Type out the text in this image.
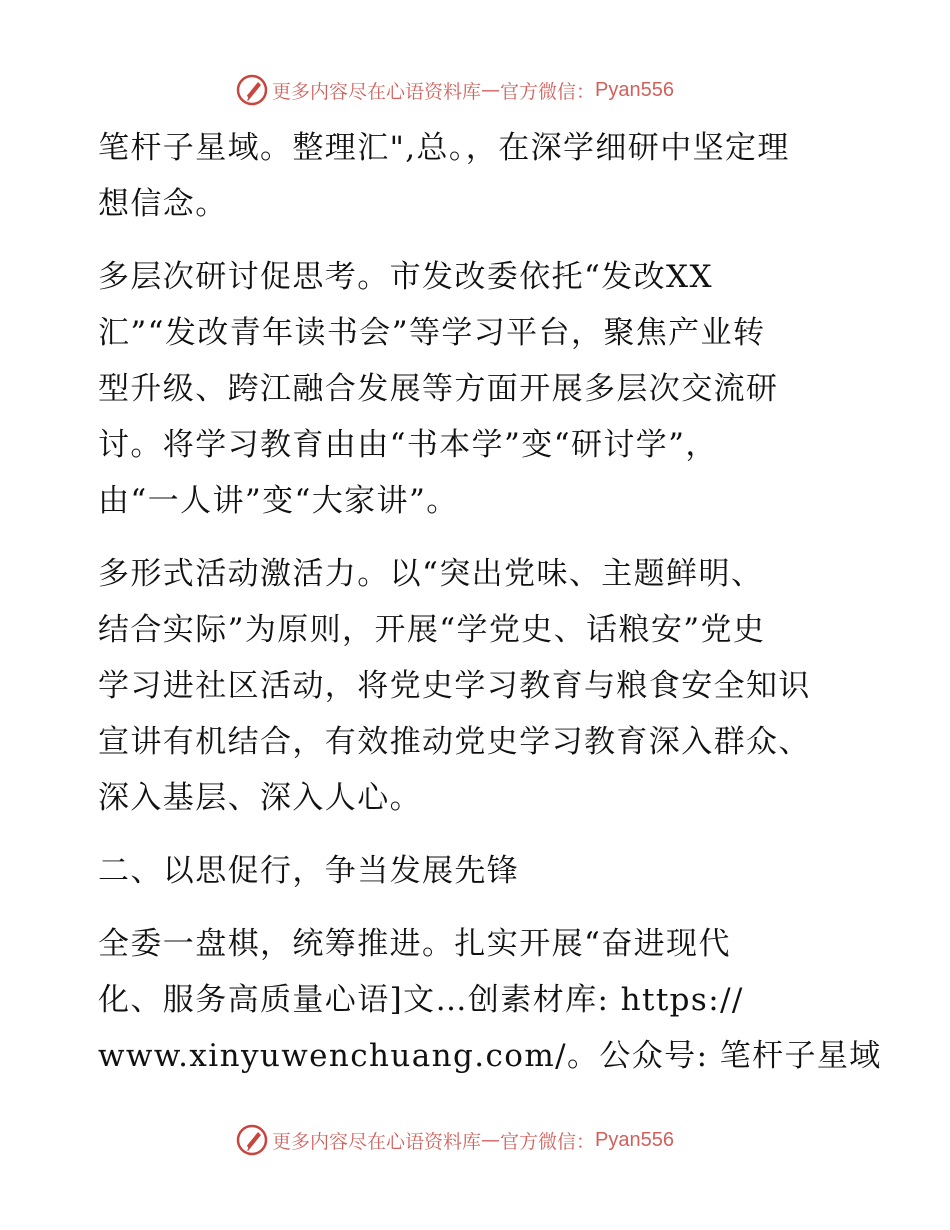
更多内容尽在心语资料库 — 官方微信： Pyan556
笔杆子星域。整理汇",总。，在深学细研中坚定理
想信念。
多层次研讨促思考。市发改委依托“发改XX
汇”“发改青年读书会”等学习平台，聚焦产业转
型升级、跨江融合发展等方面开展多层次交流研
讨。将学习教育由由“书本学”变“研讨学”，
由“一人讲”变“大家讲”。
多形式活动激活力。以“突出党味、主题鲜明、
结合实际”为原则，开展“学党史、话粮安”党史
学习进社区活动，将党史学习教育与粮食安全知识
宣讲有机结合，有效推动党史学习教育深入群众、
深入基层、深入人心。
二、以思促行，争当发展先锋
全委一盘棋，统筹推进。扎实开展“奋进现代
化、服务高质量心语]文…创素材库: https://
www.xinyuwenchuang.com/。公众号: 笔杆子星域
更多内容尽在心语资料库 — 官方微信： Pyan556
